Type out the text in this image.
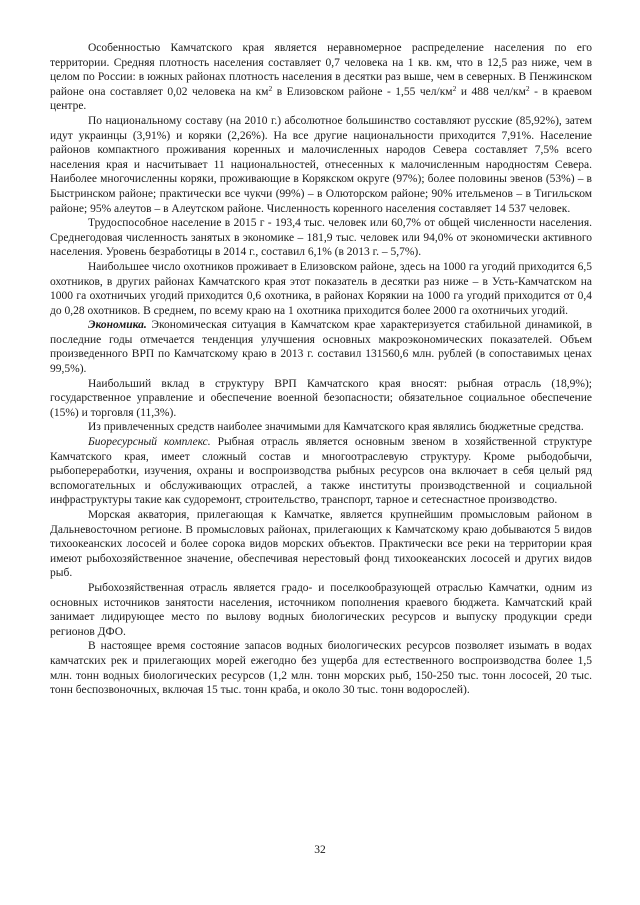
Особенностью Камчатского края является неравномерное распределение населения по его территории. Средняя плотность населения составляет 0,7 человека на 1 кв. км, что в 12,5 раз ниже, чем в целом по России: в южных районах плотность населения в десятки раз выше, чем в северных. В Пенжинском районе она составляет 0,02 человека на $км^2$ в Елизовском районе - 1,55 чел/$км^2$ и 488 чел/$км^2$ - в краевом центре.

По национальному составу (на 2010 г.) абсолютное большинство составляют русские (85,92%), затем идут украинцы (3,91%) и коряки (2,26%). На все другие национальности приходится 7,91%. Население районов компактного проживания коренных и малочисленных народов Севера составляет 7,5% всего населения края и насчитывает 11 национальностей, отнесенных к малочисленным народностям Севера. Наиболее многочисленны коряки, проживающие в Корякском округе (97%); более половины эвенов (53%) – в Быстринском районе; практически все чукчи (99%) – в Олюторском районе; 90% ительменов – в Тигильском районе; 95% алеутов – в Алеутском районе. Численность коренного населения составляет 14 537 человек.

Трудоспособное население в 2015 г - 193,4 тыс. человек или 60,7% от общей численности населения. Среднегодовая численность занятых в экономике – 181,9 тыс. человек или 94,0% от экономически активного населения. Уровень безработицы в 2014 г., составил 6,1% (в 2013 г. – 5,7%).

Наибольшее число охотников проживает в Елизовском районе, здесь на 1000 га угодий приходится 6,5 охотников, в других районах Камчатского края этот показатель в десятки раз ниже – в Усть-Камчатском на 1000 га охотничьих угодий приходится 0,6 охотника, в районах Корякии на 1000 га угодий приходится от 0,4 до 0,28 охотников. В среднем, по всему краю на 1 охотника приходится более 2000 га охотничьих угодий.

Экономика. Экономическая ситуация в Камчатском крае характеризуется стабильной динамикой, в последние годы отмечается тенденция улучшения основных макроэкономических показателей. Объем произведенного ВРП по Камчатскому краю в 2013 г. составил 131560,6 млн. рублей (в сопоставимых ценах 99,5%).

Наибольший вклад в структуру ВРП Камчатского края вносят: рыбная отрасль (18,9%); государственное управление и обеспечение военной безопасности; обязательное социальное обеспечение (15%) и торговля (11,3%).

Из привлеченных средств наиболее значимыми для Камчатского края являлись бюджетные средства.

Биоресурсный комплекс. Рыбная отрасль является основным звеном в хозяйственной структуре Камчатского края, имеет сложный состав и многоотраслевую структуру. Кроме рыбодобычи, рыбопереработки, изучения, охраны и воспроизводства рыбных ресурсов она включает в себя целый ряд вспомогательных и обслуживающих отраслей, а также институты производственной и социальной инфраструктуры такие как судоремонт, строительство, транспорт, тарное и сетеснастное производство.

Морская акватория, прилегающая к Камчатке, является крупнейшим промысловым районом в Дальневосточном регионе. В промысловых районах, прилегающих к Камчатскому краю добываются 5 видов тихоокеанских лососей и более сорока видов морских объектов. Практически все реки на территории края имеют рыбохозяйственное значение, обеспечивая нерестовый фонд тихоокеанских лососей и других видов рыб.

Рыбохозяйственная отрасль является градо- и поселкообразующей отраслью Камчатки, одним из основных источников занятости населения, источником пополнения краевого бюджета. Камчатский край занимает лидирующее место по вылову водных биологических ресурсов и выпуску продукции среди регионов ДФО.

В настоящее время состояние запасов водных биологических ресурсов позволяет изымать в водах камчатских рек и прилегающих морей ежегодно без ущерба для естественного воспроизводства более 1,5 млн. тонн водных биологических ресурсов (1,2 млн. тонн морских рыб, 150-250 тыс. тонн лососей, 20 тыс. тонн беспозвоночных, включая 15 тыс. тонн краба, и около 30 тыс. тонн водорослей).

32
